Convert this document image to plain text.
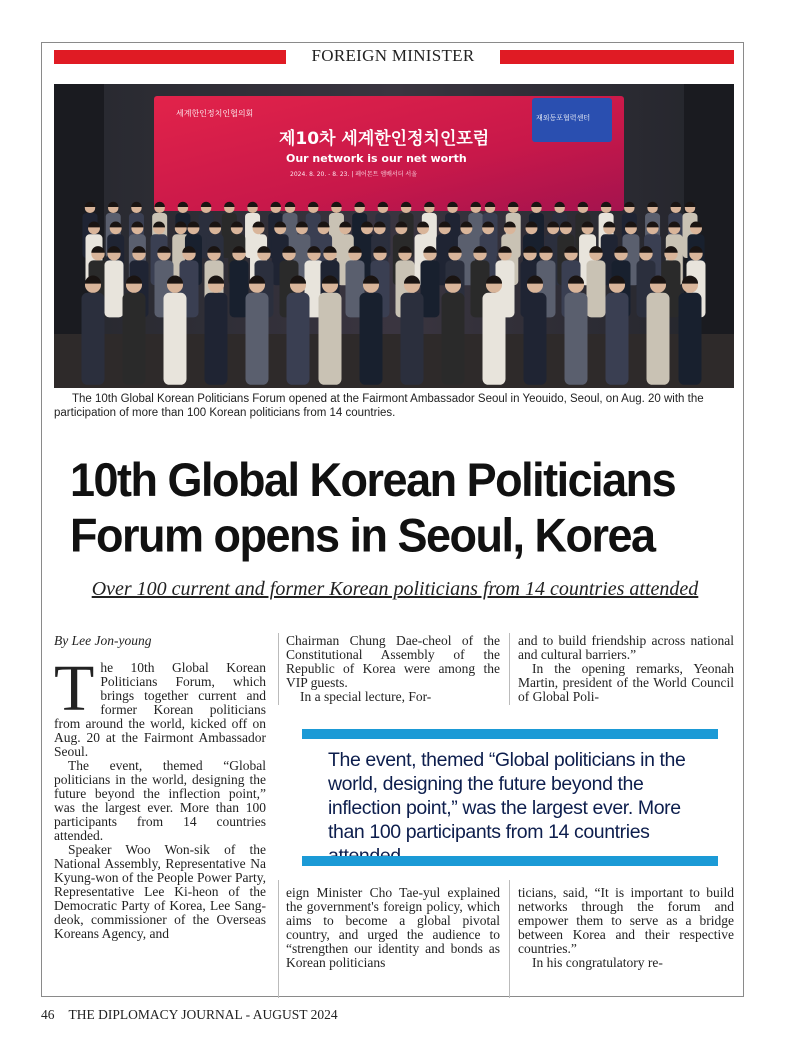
FOREIGN MINISTER
세계한인정치인협의회	재외동포협력센터
제10차 세계한인정치인포럼
Our network is our net worth
2024. 8. 20. - 8. 23. | 페어몬트 앰배서더 서울
The 10th Global Korean Politicians Forum opened at the Fairmont Ambassador Seoul in Yeouido, Seoul, on Aug. 20 with the participation of more than 100 Korean politicians from 14 countries.
10th Global Korean Politicians
Forum opens in Seoul, Korea
Over 100 current and former Korean politicians from 14 countries attended

By Lee Jon-young

The 10th Global Korean Politicians Forum, which brings together current and former Korean politicians from around the world, kicked off on Aug. 20 at the Fairmont Ambassador Seoul.

The event, themed “Global politicians in the world, designing the future beyond the inflection point,” was the largest ever. More than 100 participants from 14 countries attended.

Speaker Woo Won-sik of the National Assembly, Representative Na Kyung-won of the People Power Party, Representative Lee Ki-heon of the Democratic Party of Korea, Lee Sang-deok, commissioner of the Overseas Koreans Agency, and

Chairman Chung Dae-cheol of the Constitutional Assembly of the Republic of Korea were among the VIP guests.

In a special lecture, For-

and to build friendship across national and cultural barriers.”

In the opening remarks, Yeonah Martin, president of the World Council of Global Poli-

The event, themed “Global politicians in the world, designing the future beyond the inflection point,” was the largest ever. More than 100 participants from 14 countries

eign Minister Cho Tae-yul explained the government's foreign policy, which aims to become a global pivotal country, and urged the audience to “strengthen our identity and bonds as Korean politicians

ticians, said, “It is important to build networks through the forum and empower them to serve as a bridge between Korea and their respective countries.”

In his congratulatory re-

46 THE DIPLOMACY JOURNAL - AUGUST 2024
